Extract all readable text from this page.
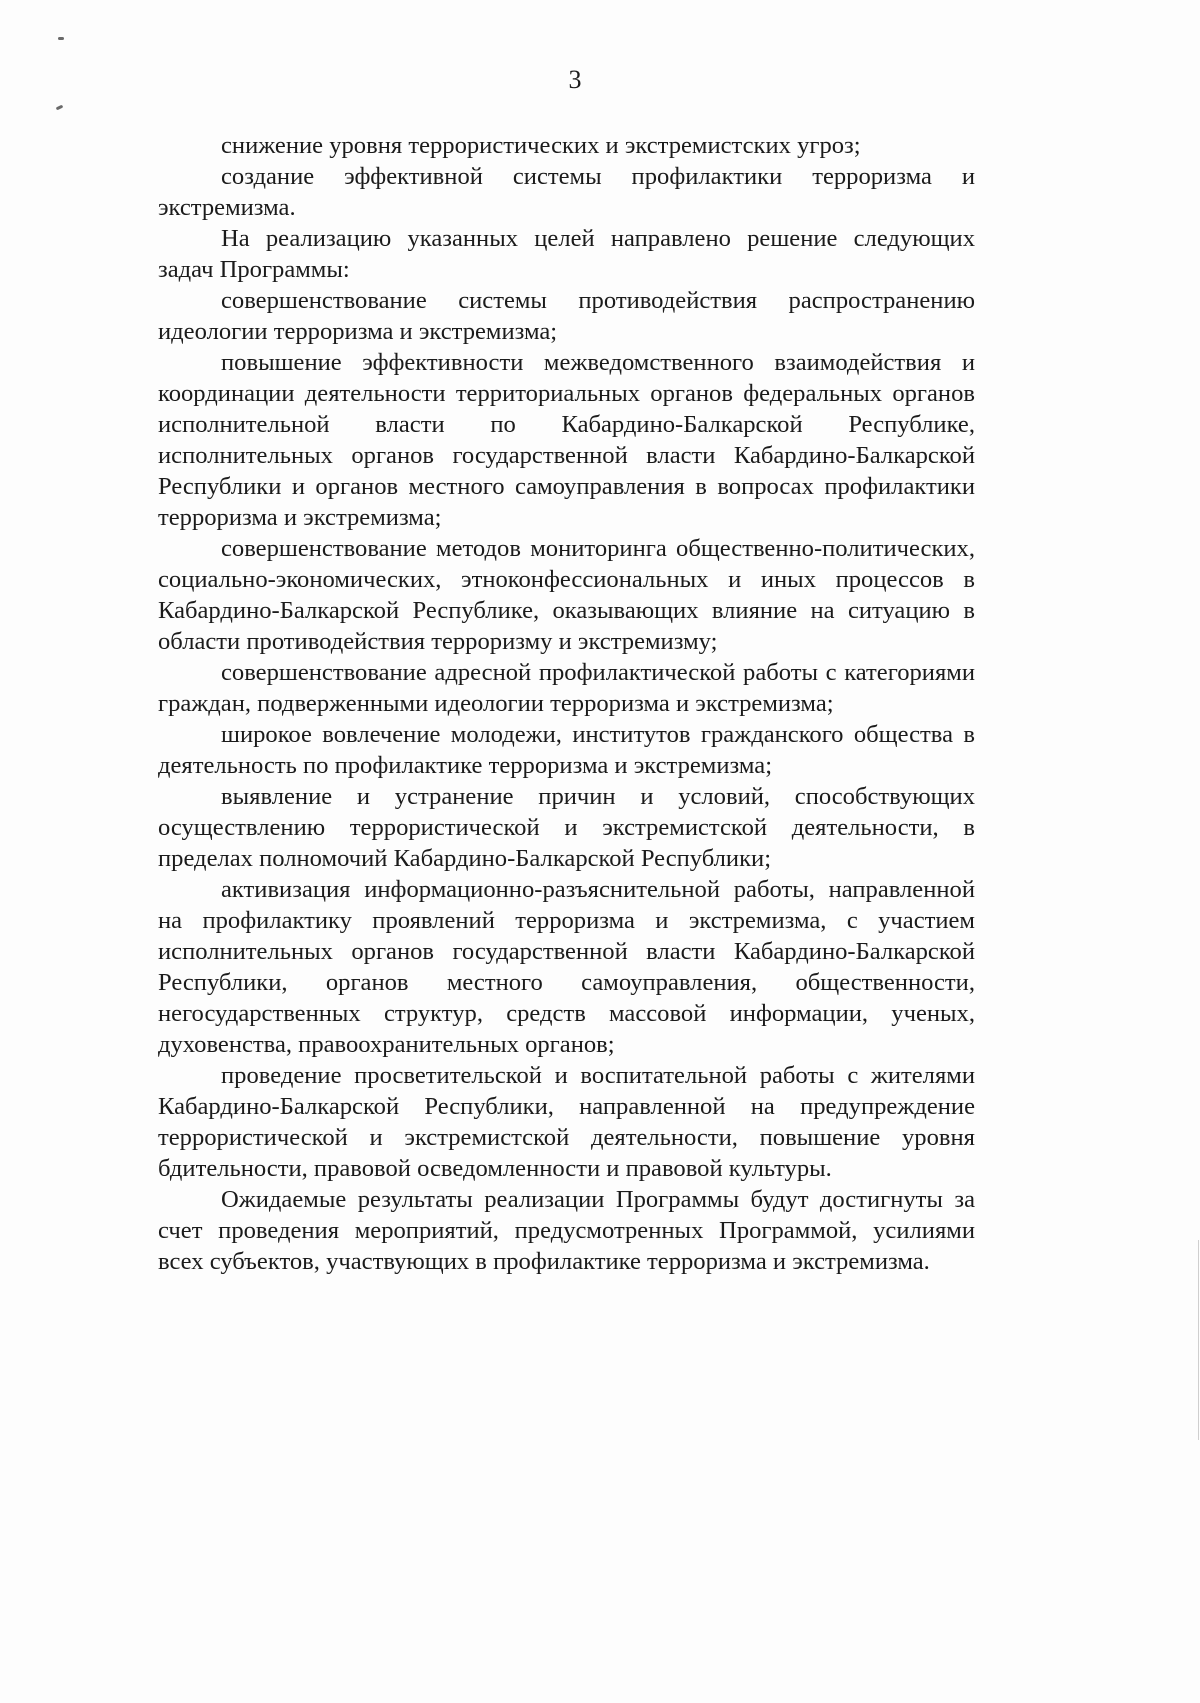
3

снижение уровня террористических и экстремистских угроз;

создание эффективной системы профилактики терроризма и экстремизма.

На реализацию указанных целей направлено решение следующих задач Программы:

совершенствование системы противодействия распространению идеологии терроризма и экстремизма;

повышение эффективности межведомственного взаимодействия и координации деятельности территориальных органов федеральных органов исполнительной власти по Кабардино-Балкарской Республике, исполнительных органов государственной власти Кабардино-Балкарской Республики и органов местного самоуправления в вопросах профилактики терроризма и экстремизма;

совершенствование методов мониторинга общественно-политических, социально-экономических, этноконфессиональных и иных процессов в Кабардино-Балкарской Республике, оказывающих влияние на ситуацию в области противодействия терроризму и экстремизму;

совершенствование адресной профилактической работы с категориями граждан, подверженными идеологии терроризма и экстремизма;

широкое вовлечение молодежи, институтов гражданского общества в деятельность по профилактике терроризма и экстремизма;

выявление и устранение причин и условий, способствующих осуществлению террористической и экстремистской деятельности, в пределах полномочий Кабардино-Балкарской Республики;

активизация информационно-разъяснительной работы, направленной на профилактику проявлений терроризма и экстремизма, с участием исполнительных органов государственной власти Кабардино-Балкарской Республики, органов местного самоуправления, общественности, негосударственных структур, средств массовой информации, ученых, духовенства, правоохранительных органов;

проведение просветительской и воспитательной работы с жителями Кабардино-Балкарской Республики, направленной на предупреждение террористической и экстремистской деятельности, повышение уровня бдительности, правовой осведомленности и правовой культуры.

Ожидаемые результаты реализации Программы будут достигнуты за счет проведения мероприятий, предусмотренных Программой, усилиями всех субъектов, участвующих в профилактике терроризма и экстремизма.
